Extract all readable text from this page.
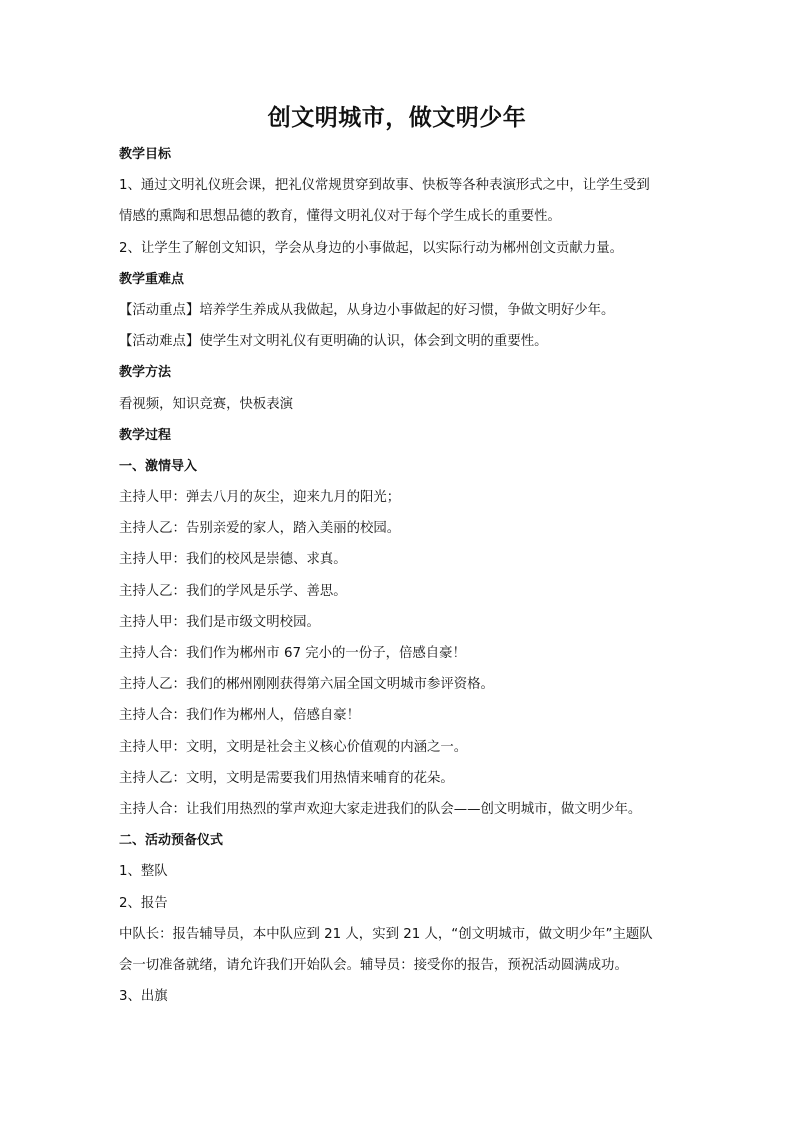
创文明城市，做文明少年
教学目标
1、通过文明礼仪班会课，把礼仪常规贯穿到故事、快板等各种表演形式之中，让学生受到
情感的熏陶和思想品德的教育，懂得文明礼仪对于每个学生成长的重要性。
2、让学生了解创文知识，学会从身边的小事做起，以实际行动为郴州创文贡献力量。
教学重难点
【活动重点】培养学生养成从我做起，从身边小事做起的好习惯，争做文明好少年。
【活动难点】使学生对文明礼仪有更明确的认识，体会到文明的重要性。
教学方法
看视频，知识竞赛，快板表演
教学过程
一、激情导入
主持人甲：弹去八月的灰尘，迎来九月的阳光；
主持人乙：告别亲爱的家人，踏入美丽的校园。
主持人甲：我们的校风是崇德、求真。
主持人乙：我们的学风是乐学、善思。
主持人甲：我们是市级文明校园。
主持人合：我们作为郴州市 67 完小的一份子，倍感自豪！
主持人乙：我们的郴州刚刚获得第六届全国文明城市参评资格。
主持人合：我们作为郴州人，倍感自豪！
主持人甲：文明，文明是社会主义核心价值观的内涵之一。
主持人乙：文明，文明是需要我们用热情来哺育的花朵。
主持人合：让我们用热烈的掌声欢迎大家走进我们的队会——创文明城市，做文明少年。
二、活动预备仪式
1、整队
2、报告
中队长：报告辅导员，本中队应到 21 人，实到 21 人，“创文明城市，做文明少年”主题队
会一切准备就绪，请允许我们开始队会。辅导员：接受你的报告，预祝活动圆满成功。
3、出旗
